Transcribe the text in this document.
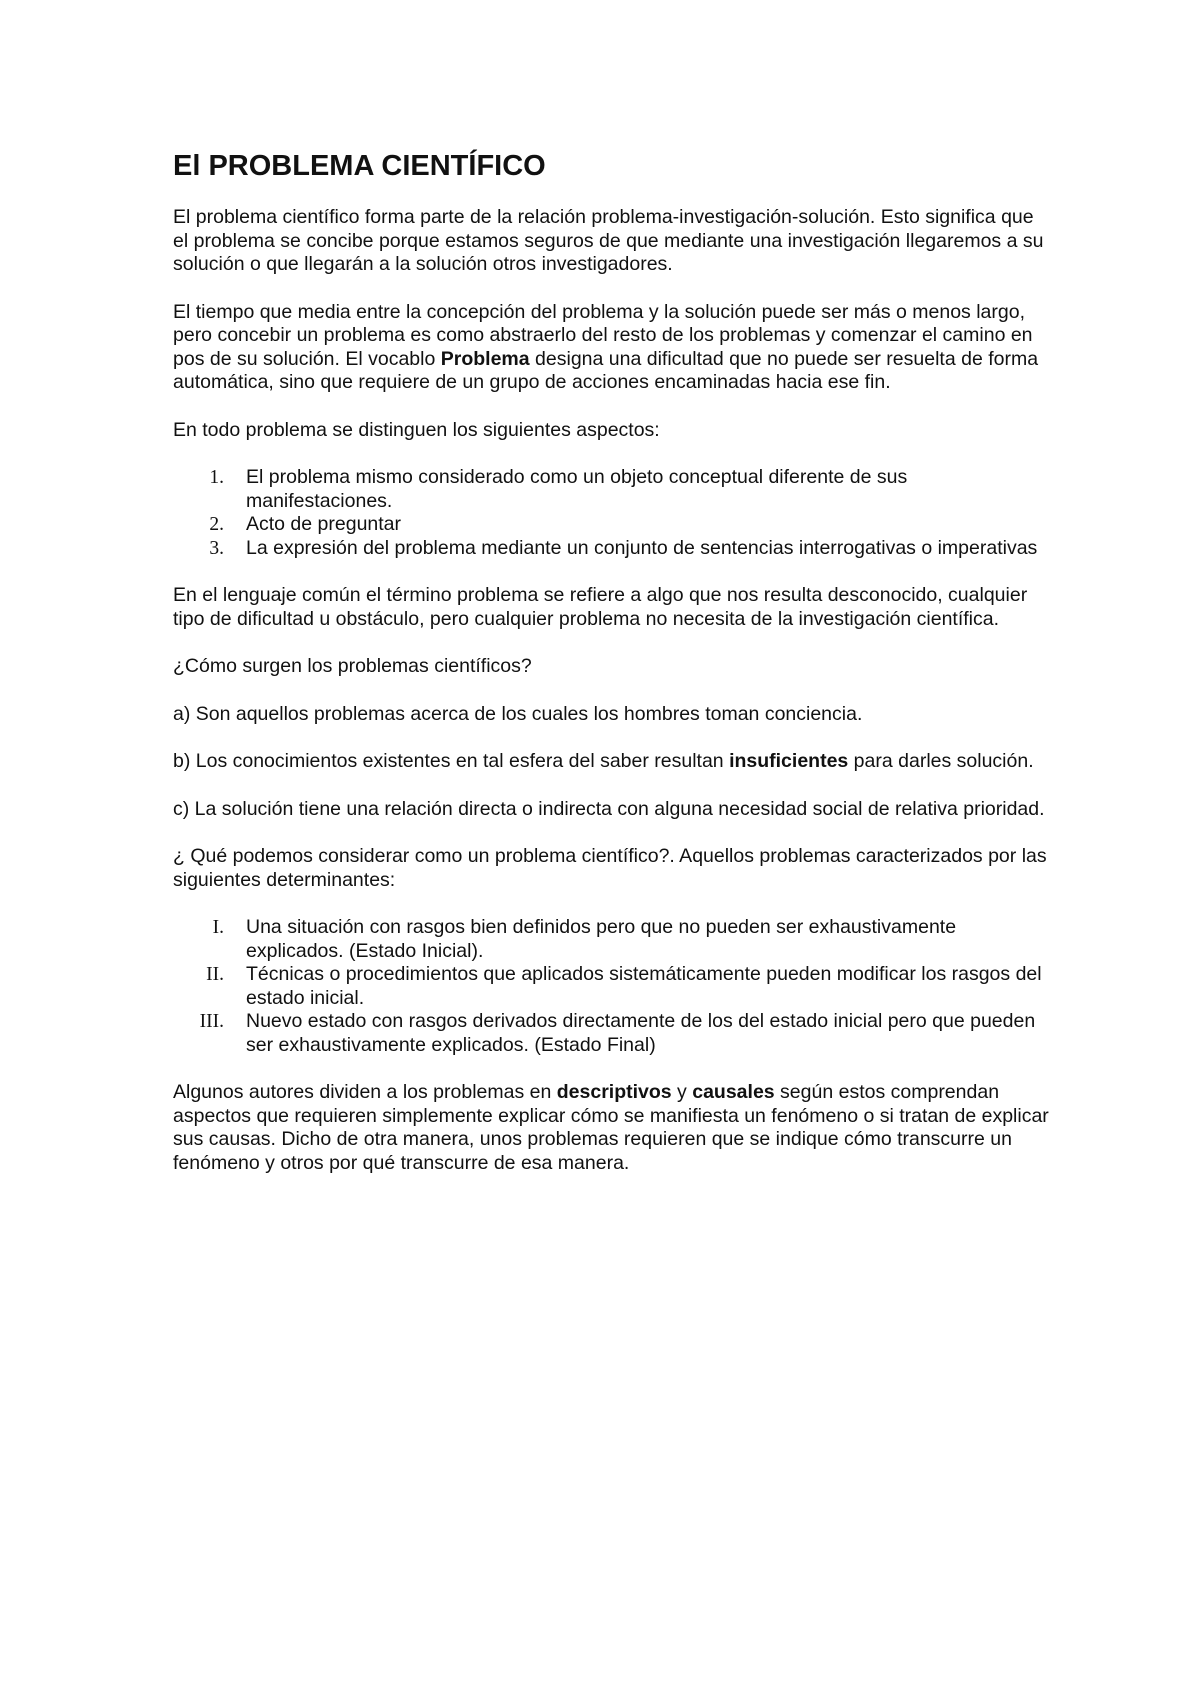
El PROBLEMA CIENTÍFICO

El problema científico forma parte de la relación problema-investigación-solución. Esto significa que el problema se concibe porque estamos seguros de que mediante una investigación llegaremos a su solución o que llegarán a la solución otros investigadores.

El tiempo que media entre la concepción del problema y la solución puede ser más o menos largo, pero concebir un problema es como abstraerlo del resto de los problemas y comenzar el camino en pos de su solución. El vocablo Problema designa una dificultad que no puede ser resuelta de forma automática, sino que requiere de un grupo de acciones encaminadas hacia ese fin.

En todo problema se distinguen los siguientes aspectos:

1. El problema mismo considerado como un objeto conceptual diferente de sus manifestaciones.
2. Acto de preguntar
3. La expresión del problema mediante un conjunto de sentencias interrogativas o imperativas

En el lenguaje común el término problema se refiere a algo que nos resulta desconocido, cualquier tipo de dificultad u obstáculo, pero cualquier problema no necesita de la investigación científica.

¿Cómo surgen los problemas científicos?

a) Son aquellos problemas acerca de los cuales los hombres toman conciencia.

b) Los conocimientos existentes en tal esfera del saber resultan insuficientes para darles solución.

c) La solución tiene una relación directa o indirecta con alguna necesidad social de relativa prioridad.

¿ Qué podemos considerar como un problema científico?. Aquellos problemas caracterizados por las siguientes determinantes:

I. Una situación con rasgos bien definidos pero que no pueden ser exhaustivamente explicados. (Estado Inicial).
II. Técnicas o procedimientos que aplicados sistemáticamente pueden modificar los rasgos del estado inicial.
III. Nuevo estado con rasgos derivados directamente de los del estado inicial pero que pueden ser exhaustivamente explicados. (Estado Final)

Algunos autores dividen a los problemas en descriptivos y causales según estos comprendan aspectos que requieren simplemente explicar cómo se manifiesta un fenómeno o si tratan de explicar sus causas. Dicho de otra manera, unos problemas requieren que se indique cómo transcurre un fenómeno y otros por qué transcurre de esa manera.
